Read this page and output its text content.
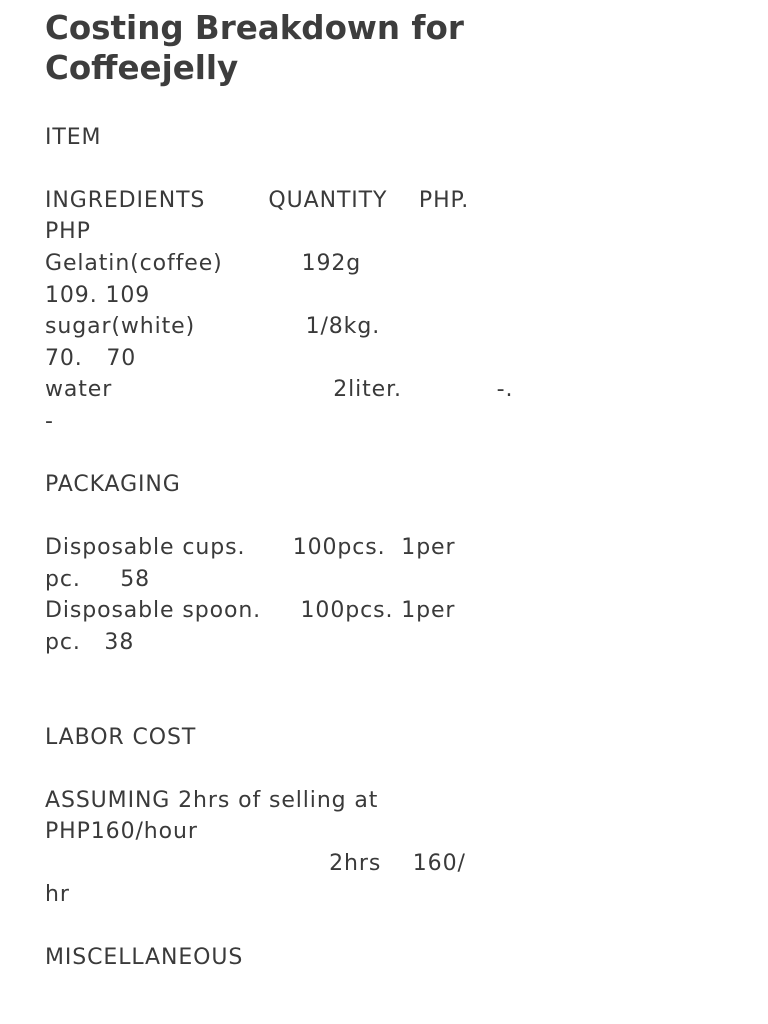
Costing Breakdown for
Coffeejelly
ITEM
INGREDIENTS        QUANTITY    PHP.
PHP
Gelatin(coffee)          192g
109. 109
sugar(white)              1/8kg.
70.   70
water                            2liter.            -.
-
PACKAGING
Disposable cups.      100pcs.  1per
pc.     58
Disposable spoon.     100pcs. 1per
pc.   38
LABOR COST
ASSUMING 2hrs of selling at
PHP160/hour
2hrs    160/
hr
MISCELLANEOUS
